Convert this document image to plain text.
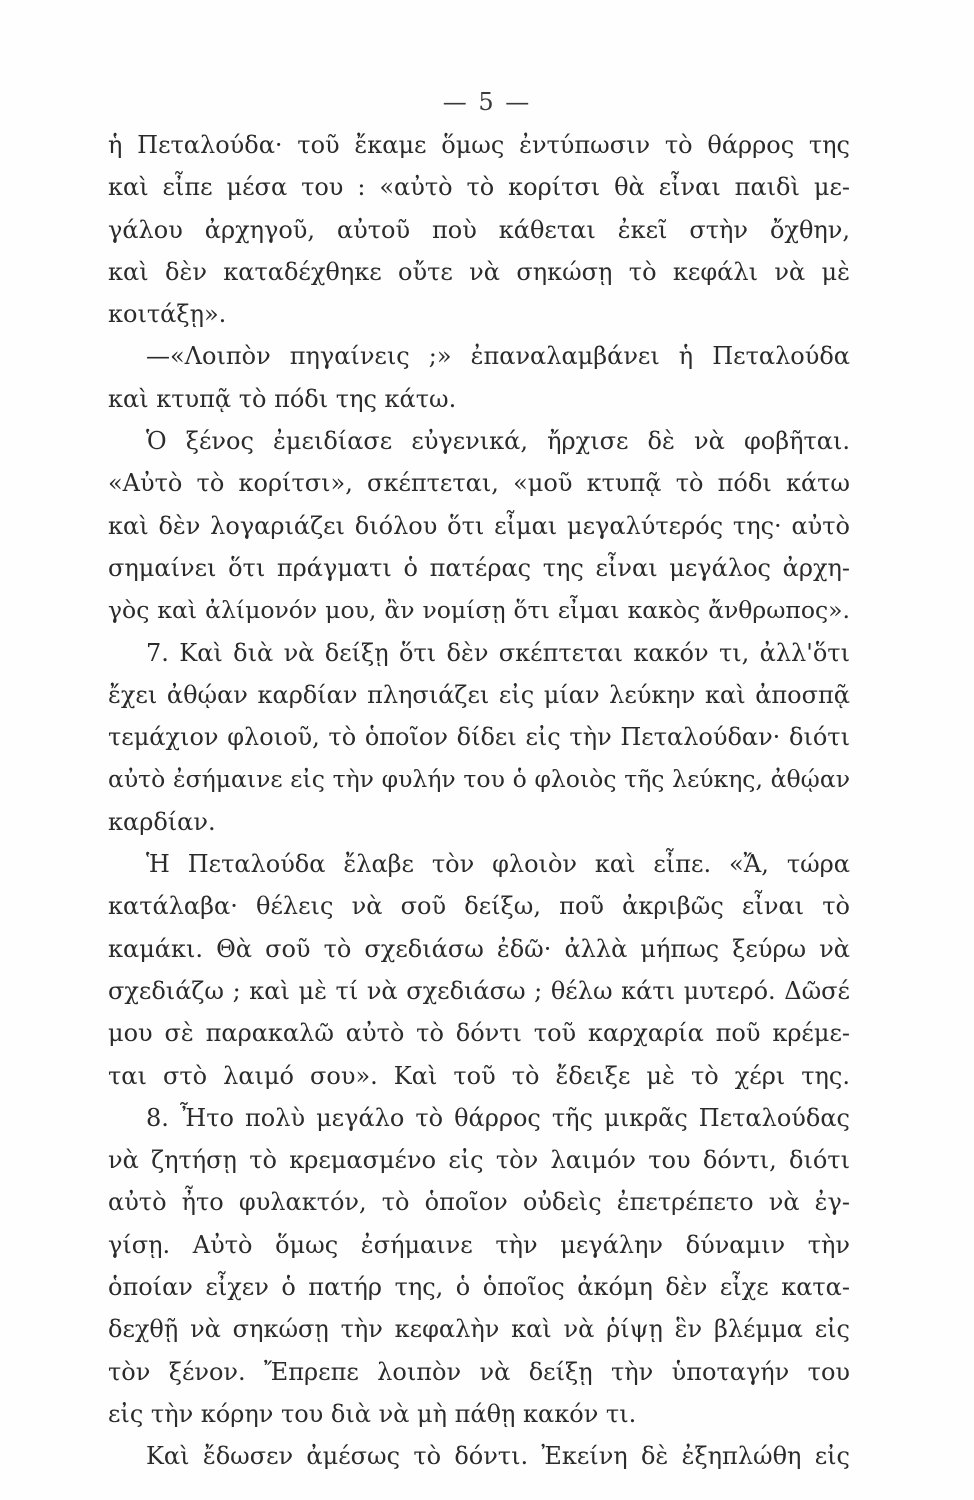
— 5 —
ἡ Πεταλούδα· τοῦ ἔκαμε ὅμως ἐντύπωσιν τὸ θάρρος της
καὶ εἶπε μέσα του : «αὐτὸ τὸ κορίτσι θὰ εἶναι παιδὶ με-
γάλου ἀρχηγοῦ, αὐτοῦ ποὺ κάθεται ἐκεῖ στὴν ὄχθην,
καὶ δὲν καταδέχθηκε οὔτε νὰ σηκώσῃ τὸ κεφάλι νὰ μὲ
κοιτάξῃ».
—«Λοιπὸν πηγαίνεις ;» ἐπαναλαμβάνει ἡ Πεταλούδα
καὶ κτυπᾷ τὸ πόδι της κάτω.
Ὁ ξένος ἐμειδίασε εὐγενικά, ἤρχισε δὲ νὰ φοβῆται.
«Αὐτὸ τὸ κορίτσι», σκέπτεται, «μοῦ κτυπᾷ τὸ πόδι κάτω
καὶ δὲν λογαριάζει διόλου ὅτι εἶμαι μεγαλύτερός της· αὐτὸ
σημαίνει ὅτι πράγματι ὁ πατέρας της εἶναι μεγάλος ἀρχη-
γὸς καὶ ἀλίμονόν μου, ἂν νομίσῃ ὅτι εἶμαι κακὸς ἄνθρωπος».
7. Καὶ διὰ νὰ δείξῃ ὅτι δὲν σκέπτεται κακόν τι, ἀλλ'ὅτι
ἔχει ἀθῴαν καρδίαν πλησιάζει εἰς μίαν λεύκην καὶ ἀποσπᾷ
τεμάχιον φλοιοῦ, τὸ ὁποῖον δίδει εἰς τὴν Πεταλούδαν· διότι
αὐτὸ ἐσήμαινε εἰς τὴν φυλήν του ὁ φλοιὸς τῆς λεύκης, ἀθῴαν
καρδίαν.
Ἡ Πεταλούδα ἔλαβε τὸν φλοιὸν καὶ εἶπε. «Ἄ, τώρα
κατάλαβα· θέλεις νὰ σοῦ δείξω, ποῦ ἀκριβῶς εἶναι τὸ
καμάκι. Θὰ σοῦ τὸ σχεδιάσω ἐδῶ· ἀλλὰ μήπως ξεύρω νὰ
σχεδιάζω ; καὶ μὲ τί νὰ σχεδιάσω ; θέλω κάτι μυτερό. Δῶσέ
μου σὲ παρακαλῶ αὐτὸ τὸ δόντι τοῦ καρχαρία ποῦ κρέμε-
ται στὸ λαιμό σου». Καὶ τοῦ τὸ ἔδειξε μὲ τὸ χέρι της.
8. Ἦτο πολὺ μεγάλο τὸ θάρρος τῆς μικρᾶς Πεταλούδας
νὰ ζητήσῃ τὸ κρεμασμένο εἰς τὸν λαιμόν του δόντι, διότι
αὐτὸ ἦτο φυλακτόν, τὸ ὁποῖον οὐδεὶς ἐπετρέπετο νὰ ἐγ-
γίσῃ. Αὐτὸ ὅμως ἐσήμαινε τὴν μεγάλην δύναμιν τὴν
ὁποίαν εἶχεν ὁ πατήρ της, ὁ ὁποῖος ἀκόμη δὲν εἶχε κατα-
δεχθῇ νὰ σηκώσῃ τὴν κεφαλὴν καὶ νὰ ῥίψῃ ἓν βλέμμα εἰς
τὸν ξένον. Ἔπρεπε λοιπὸν νὰ δείξῃ τὴν ὑποταγήν του
εἰς τὴν κόρην του διὰ νὰ μὴ πάθῃ κακόν τι.
Καὶ ἔδωσεν ἀμέσως τὸ δόντι. Ἐκείνη δὲ ἐξηπλώθη εἰς
